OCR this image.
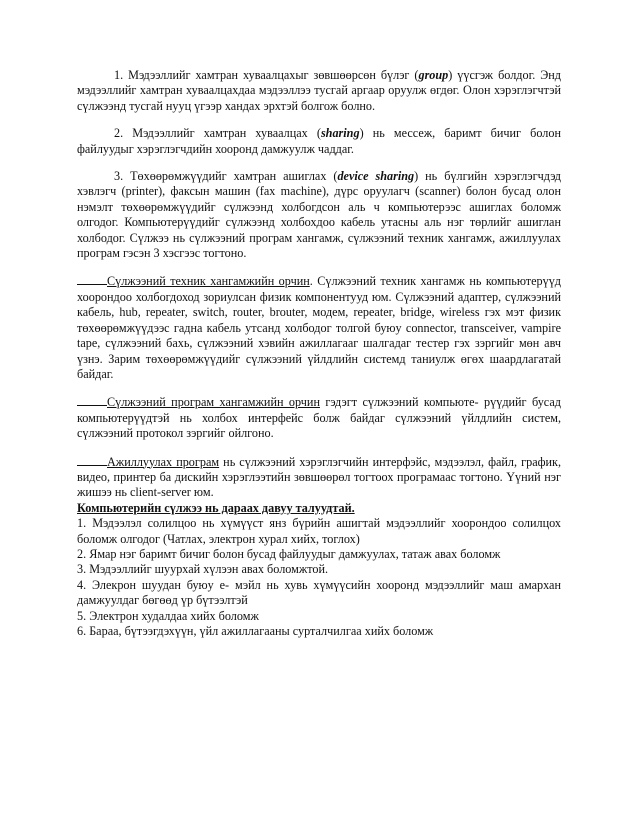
1. Мэдээллийг хамтран хуваалцахыг зөвшөөрсөн бүлэг (group) үүсгэж болдог. Энд мэдээллийг хамтран хуваалцахдаа мэдээллээ тусгай аргаар оруулж өгдөг. Олон хэрэглэгчтэй сүлжээнд тусгай нууц үгээр хандах эрхтэй болгож болно.

2. Мэдээллийг хамтран хуваалцах (sharing) нь мессеж, баримт бичиг болон файлуудыг хэрэглэгчдийн хооронд дамжуулж чаддаг.

3. Төхөөрөмжүүдийг хамтран ашиглах (device sharing) нь бүлгийн хэрэглэгчдэд хэвлэгч (printer), факсын машин (fax machine), дүрс оруулагч (scanner) болон бусад олон нэмэлт төхөөрөмжүүдийг сүлжээнд холбогдсон аль ч компьютерээс ашиглах боломж олгодог. Компьютерүүдийг сүлжээнд холбохдоо кабель утасны аль нэг төрлийг ашиглан холбодог. Сүлжээ нь сүлжээний програм хангамж, сүлжээний техник хангамж, ажиллуулах програм гэсэн 3 хэсгээс тогтоно.

Сүлжээний техник хангамжийн орчин. Сүлжээний техник хангамж нь компьютерүүд хоорондоо холбогдоход зориулсан физик компонентууд юм. Сүлжээний адаптер, сүлжээний кабель, hub, repeater, switch, router, brouter, модем, repeater, bridge, wireless гэх мэт физик төхөөрөмжүүдээс гадна кабель утсанд холбодог толгой буюу connector, transceiver, vampire tape, сүлжээний бахь, сүлжээний хэвийн ажиллагааг шалгадаг тестер гэх зэргийг мөн авч үзнэ. Зарим төхөөрөмжүүдийг сүлжээний үйлдлийн системд таниулж өгөх шаардлагатай байдаг.

Сүлжээний програм хангамжийн орчин гэдэгт сүлжээний компьюте- рүүдийг бусад компьютерүүдтэй нь холбох интерфейс болж байдаг сүлжээний үйлдлийн систем, сүлжээний протокол зэргийг ойлгоно.

Ажиллуулах програм нь сүлжээний хэрэглэгчийн интерфэйс, мэдээлэл, файл, график, видео, принтер ба дискийн хэрэглээтийн зөвшөөрөл тогтоох програмаас тогтоно. Үүний нэг жишээ нь client-server юм.

Компьютерийн сүлжээ нь дараах давуу талуудтай.

1. Мэдээлэл солилцоо нь хүмүүст янз бүрийн ашигтай мэдээллийг хоорондоо солилцох боломж олгодог (Чатлах, электрон хурал хийх, тоглох)

2. Ямар нэг баримт бичиг болон бусад файлуудыг дамжуулах, татаж авах боломж

3. Мэдээллийг шуурхай хүлээн авах боломжтой.

4. Элекрон шуудан буюу е- мэйл нь хувь хүмүүсийн хооронд мэдээллийг маш амархан дамжуулдаг бөгөөд үр бүтээлтэй

5. Электрон худалдаа хийх боломж

6. Бараа, бүтээгдэхүүн, үйл ажиллагааны сурталчилгаа хийх боломж
